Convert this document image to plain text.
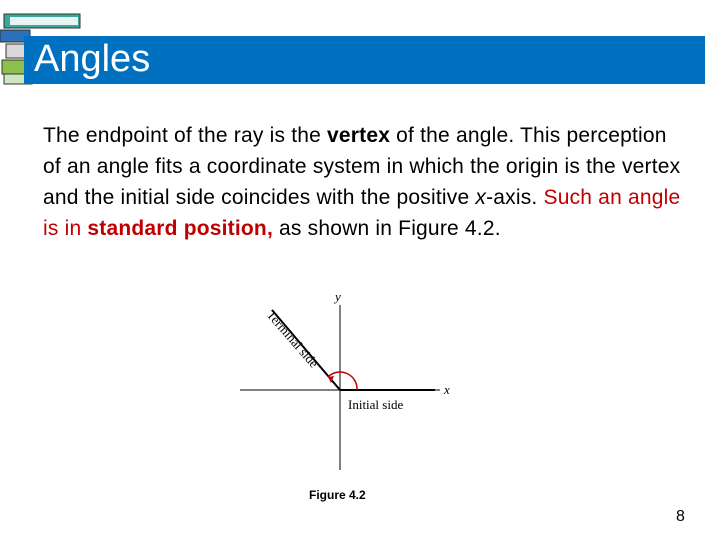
Angles
The endpoint of the ray is the vertex of the angle. This perception of an angle fits a coordinate system in which the origin is the vertex and the initial side coincides with the positive x-axis. Such an angle is in standard position, as shown in Figure 4.2.
y
x
Initial side
Terminal side
Figure 4.2
8
